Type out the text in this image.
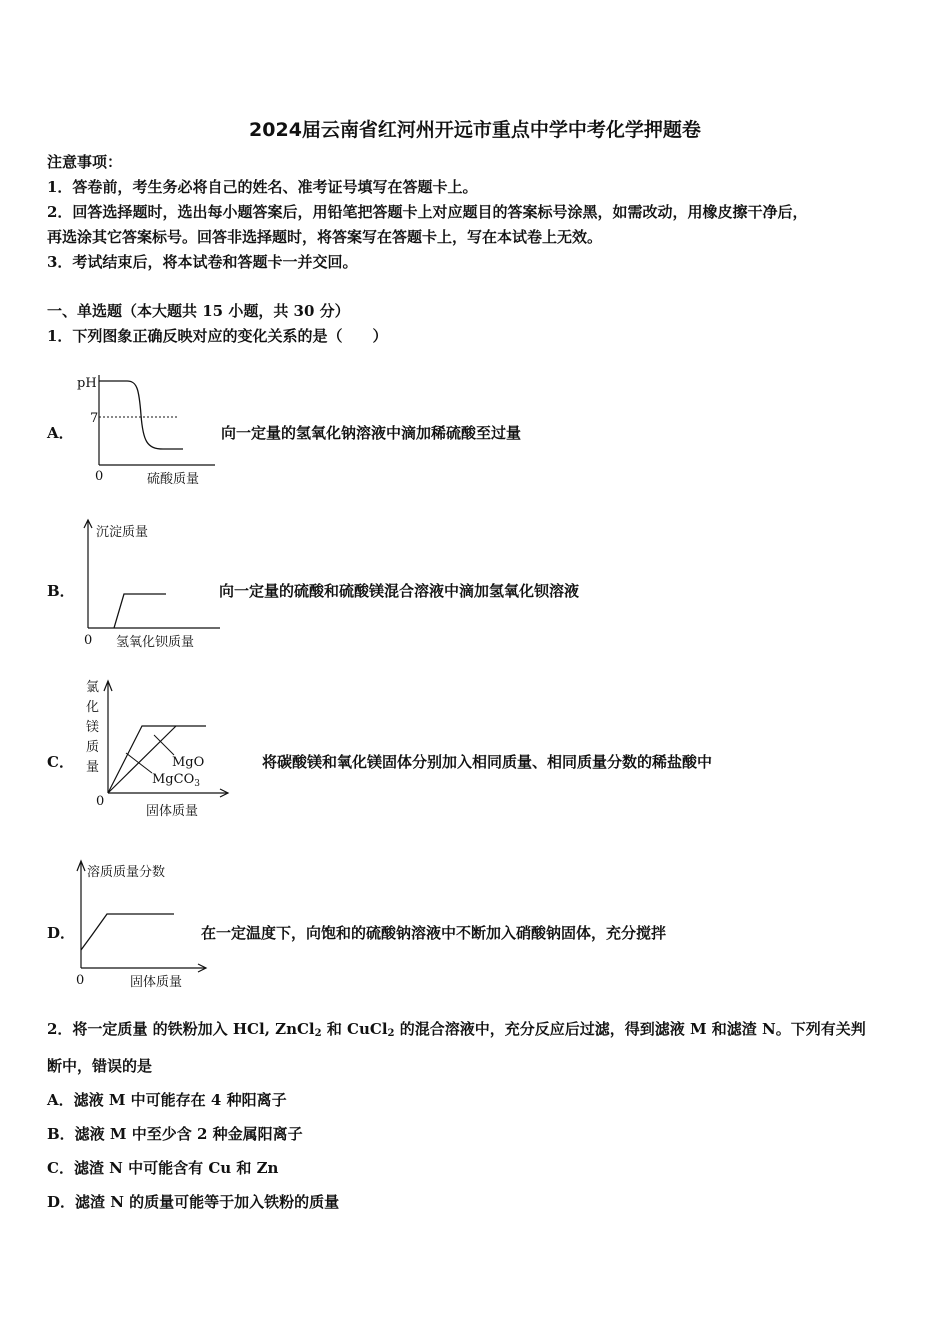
2024届云南省红河州开远市重点中学中考化学押题卷
注意事项：
1．答卷前，考生务必将自己的姓名、准考证号填写在答题卡上。
2．回答选择题时，选出每小题答案后，用铅笔把答题卡上对应题目的答案标号涂黑，如需改动，用橡皮擦干净后，
再选涂其它答案标号。回答非选择题时，将答案写在答题卡上，写在本试卷上无效。
3．考试结束后，将本试卷和答题卡一并交回。
一、单选题（本大题共 15 小题，共 30 分）
1．下列图象正确反映对应的变化关系的是（　　）
A．
pH
7
0	硫酸质量
向一定量的氢氧化钠溶液中滴加稀硫酸至过量
B．
沉淀质量
0 氢氧化钡质量
向一定量的硫酸和硫酸镁混合溶液中滴加氢氧化钡溶液
C．
氯
化
镁
质
量	MgO
MgCO$_3$
0
固体质量
将碳酸镁和氧化镁固体分别加入相同质量、相同质量分数的稀盐酸中
D．
溶质质量分数
0	固体质量
在一定温度下，向饱和的硫酸钠溶液中不断加入硝酸钠固体，充分搅拌
2．将一定质量 的铁粉加入 HCl, ZnCl$_2$ 和 CuCl$_2$ 的混合溶液中，充分反应后过滤，得到滤液 M 和滤渣 N。下列有关判
断中，错误的是
A．滤液 M 中可能存在 4 种阳离子
B．滤液 M 中至少含 2 种金属阳离子
C．滤渣 N 中可能含有 Cu 和 Zn
D．滤渣 N 的质量可能等于加入铁粉的质量
